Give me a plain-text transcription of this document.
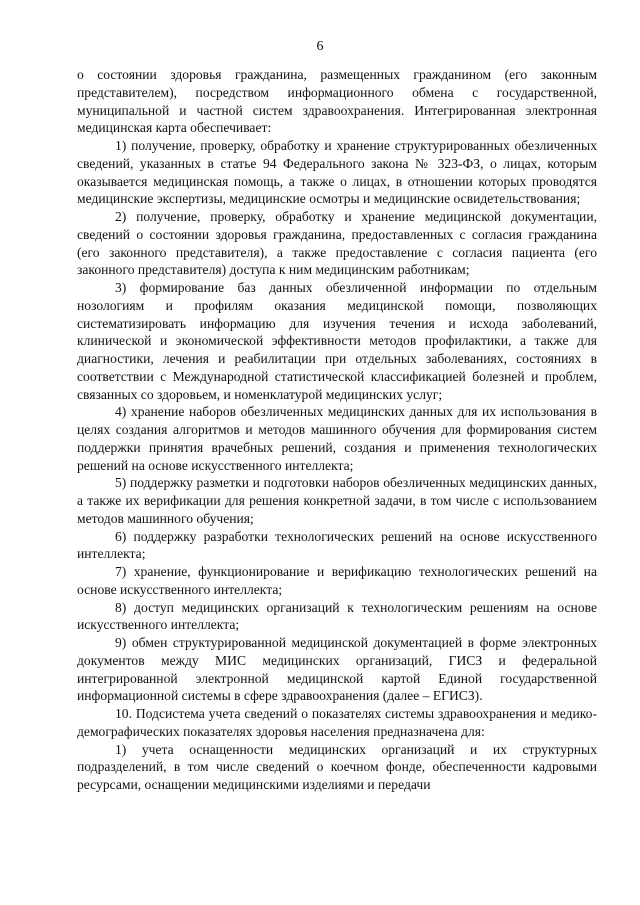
6

о состоянии здоровья гражданина, размещенных гражданином (его законным представителем), посредством информационного обмена с государственной, муниципальной и частной систем здравоохранения. Интегрированная электронная медицинская карта обеспечивает:

1) получение, проверку, обработку и хранение структурированных обезличенных сведений, указанных в статье 94 Федерального закона № 323-ФЗ, о лицах, которым оказывается медицинская помощь, а также о лицах, в отношении которых проводятся медицинские экспертизы, медицинские осмотры и медицинские освидетельствования;

2) получение, проверку, обработку и хранение медицинской документации, сведений о состоянии здоровья гражданина, предоставленных с согласия гражданина (его законного представителя), а также предоставление с согласия пациента (его законного представителя) доступа к ним медицинским работникам;

3) формирование баз данных обезличенной информации по отдельным нозологиям и профилям оказания медицинской помощи, позволяющих систематизировать информацию для изучения течения и исхода заболеваний, клинической и экономической эффективности методов профилактики, а также для диагностики, лечения и реабилитации при отдельных заболеваниях, состояниях в соответствии с Международной статистической классификацией болезней и проблем, связанных со здоровьем, и номенклатурой медицинских услуг;

4) хранение наборов обезличенных медицинских данных для их использования в целях создания алгоритмов и методов машинного обучения для формирования систем поддержки принятия врачебных решений, создания и применения технологических решений на основе искусственного интеллекта;

5) поддержку разметки и подготовки наборов обезличенных медицинских данных, а также их верификации для решения конкретной задачи, в том числе с использованием методов машинного обучения;

6) поддержку разработки технологических решений на основе искусственного интеллекта;

7) хранение, функционирование и верификацию технологических решений на основе искусственного интеллекта;

8) доступ медицинских организаций к технологическим решениям на основе искусственного интеллекта;

9) обмен структурированной медицинской документацией в форме электронных документов между МИС медицинских организаций, ГИСЗ и федеральной интегрированной электронной медицинской картой Единой государственной информационной системы в сфере здравоохранения (далее – ЕГИСЗ).

10. Подсистема учета сведений о показателях системы здравоохранения и медико-демографических показателях здоровья населения предназначена для:

1) учета оснащенности медицинских организаций и их структурных подразделений, в том числе сведений о коечном фонде, обеспеченности кадровыми ресурсами, оснащении медицинскими изделиями и передачи
